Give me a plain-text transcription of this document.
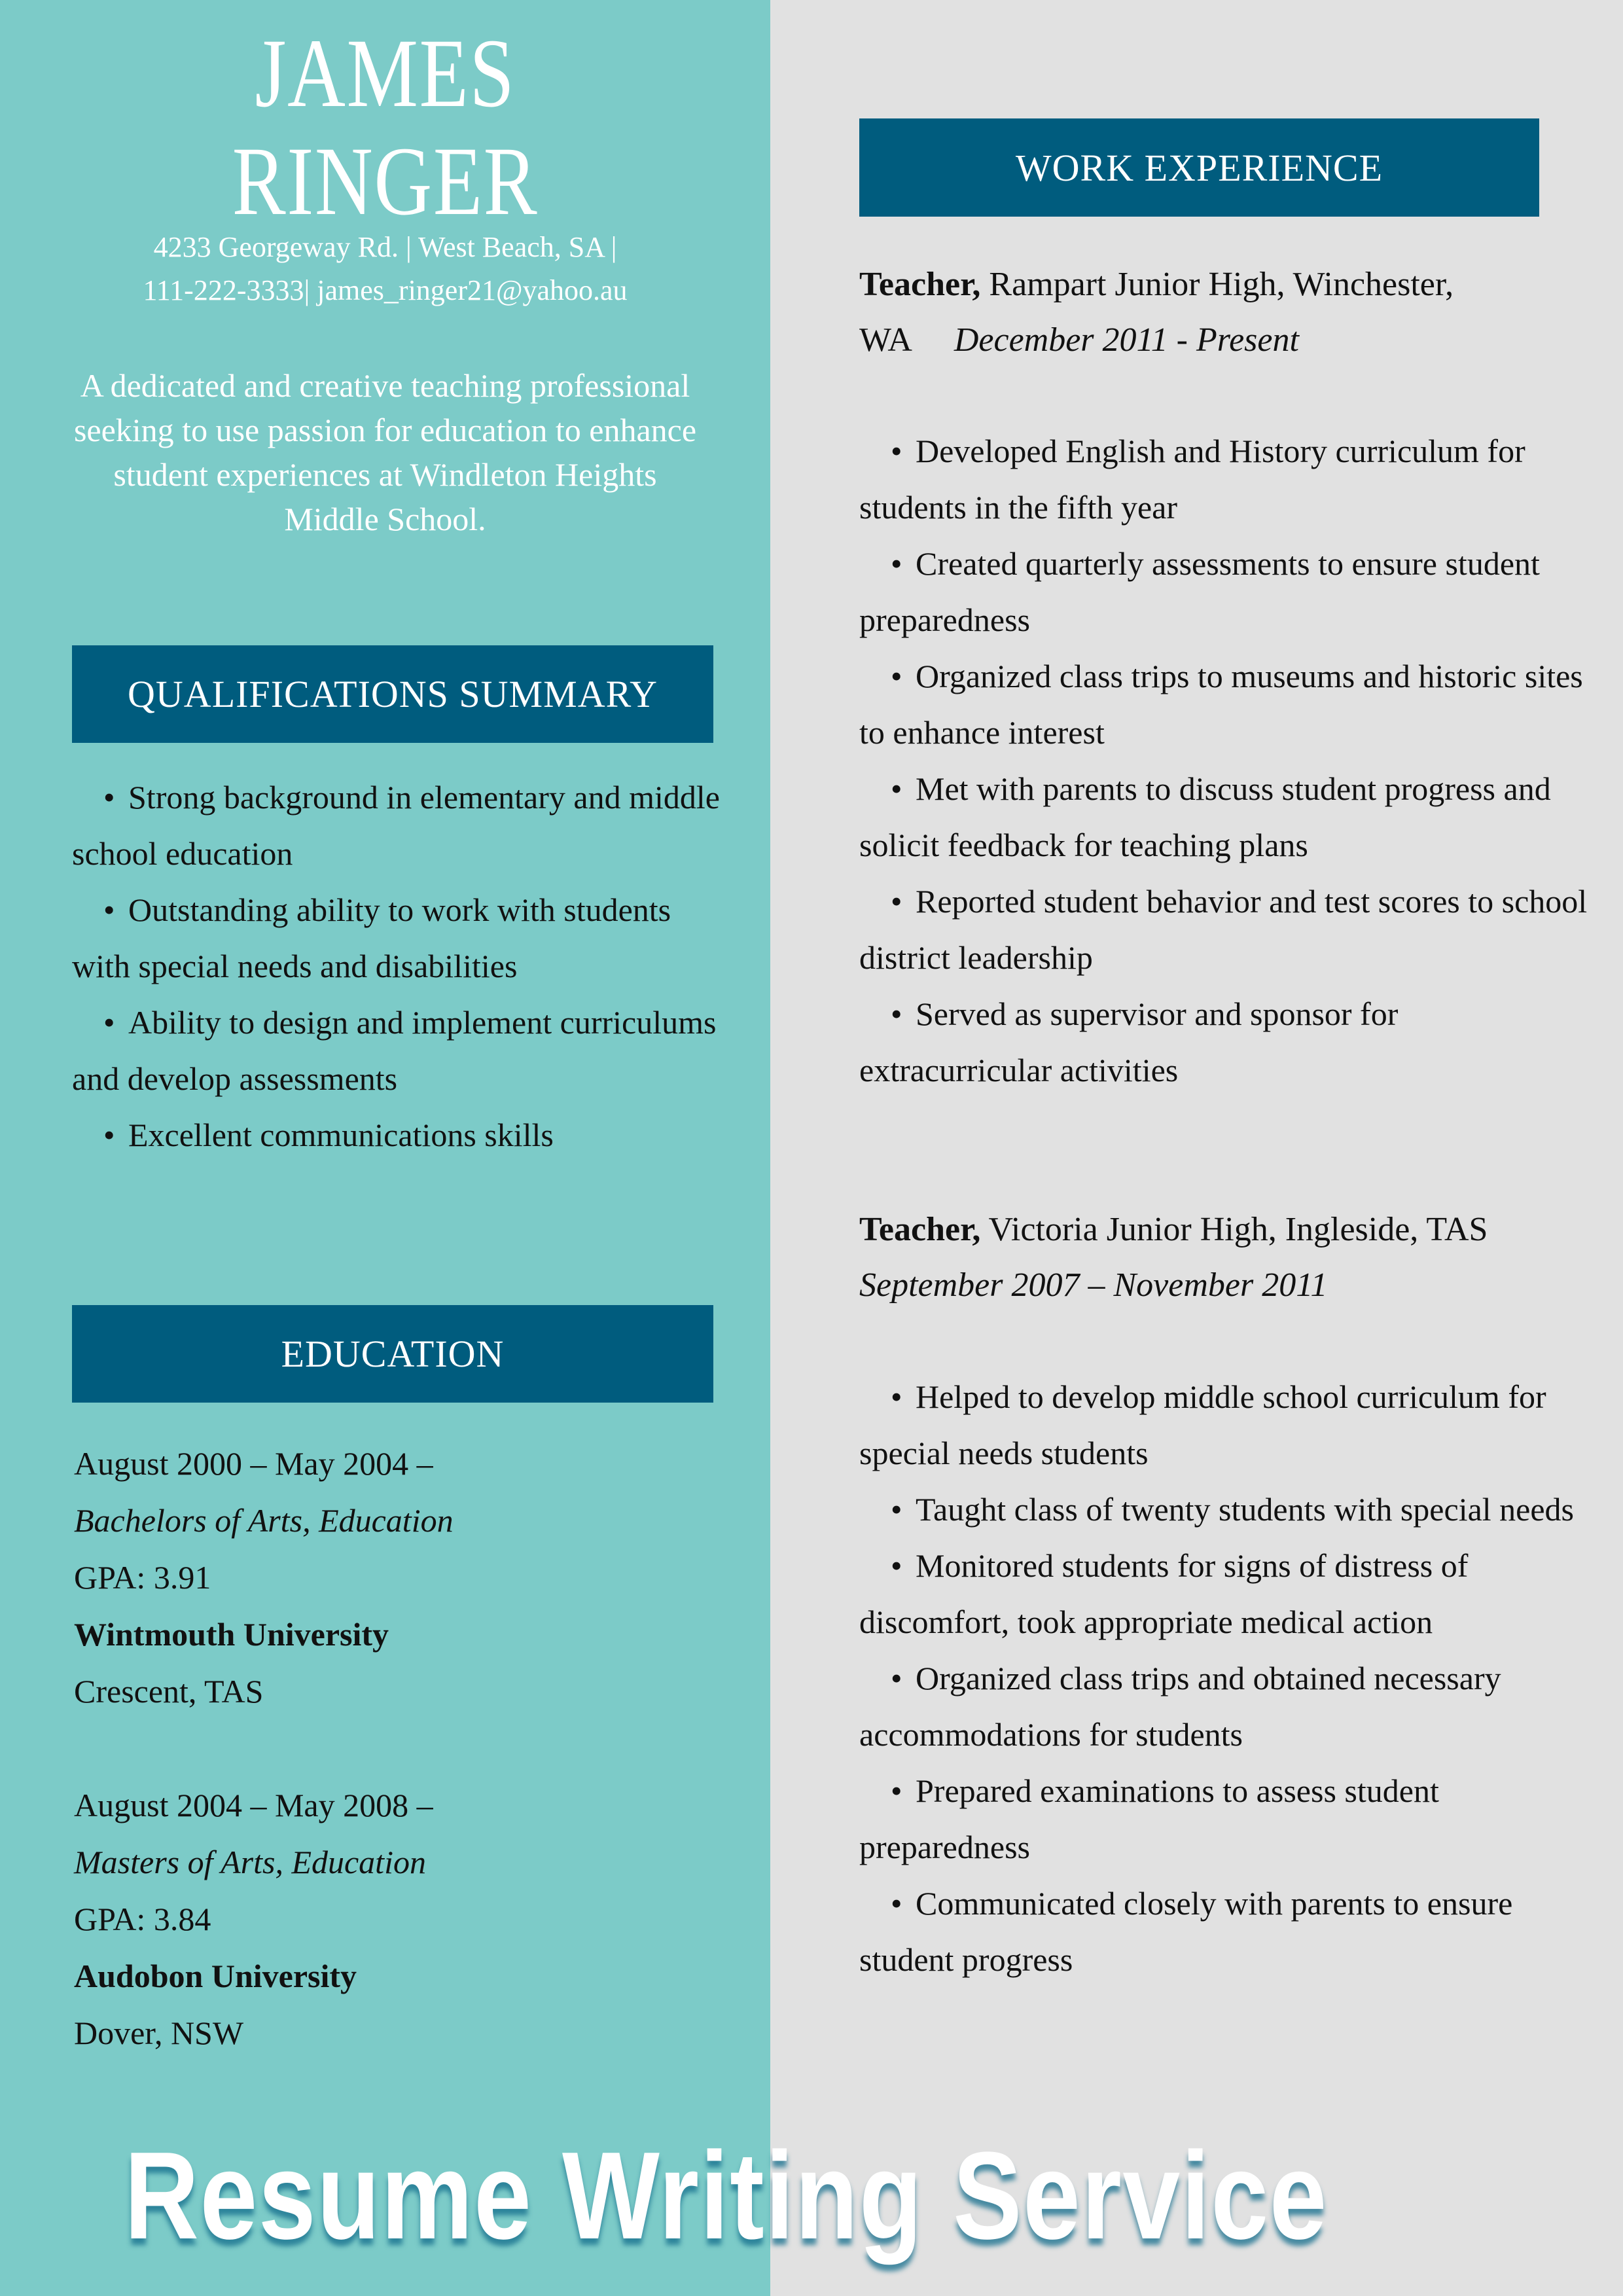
JAMES
RINGER
4233 Georgeway Rd. | West Beach, SA |
111-222-3333| james_ringer21@yahoo.au
A dedicated and creative teaching professional seeking to use passion for education to enhance student experiences at Windleton Heights Middle School.
QUALIFICATIONS SUMMARY
• Strong background in elementary and middle school education
• Outstanding ability to work with students with special needs and disabilities
• Ability to design and implement curriculums and develop assessments
• Excellent communications skills
EDUCATION
August 2000 – May 2004 –
Bachelors of Arts, Education
GPA: 3.91
Wintmouth University
Crescent, TAS
August 2004 – May 2008 –
Masters of Arts, Education
GPA: 3.84
Audobon University
Dover, NSW
WORK EXPERIENCE
Teacher, Rampart Junior High, Winchester,
WA December 2011 - Present
• Developed English and History curriculum for students in the fifth year
• Created quarterly assessments to ensure student preparedness
• Organized class trips to museums and historic sites to enhance interest
• Met with parents to discuss student progress and solicit feedback for teaching plans
• Reported student behavior and test scores to school district leadership
• Served as supervisor and sponsor for extracurricular activities
Teacher, Victoria Junior High, Ingleside, TAS
September 2007 – November 2011
• Helped to develop middle school curriculum for special needs students
• Taught class of twenty students with special needs
• Monitored students for signs of distress of discomfort, took appropriate medical action
• Organized class trips and obtained necessary accommodations for students
• Prepared examinations to assess student preparedness
• Communicated closely with parents to ensure student progress
Resume Writing Service
